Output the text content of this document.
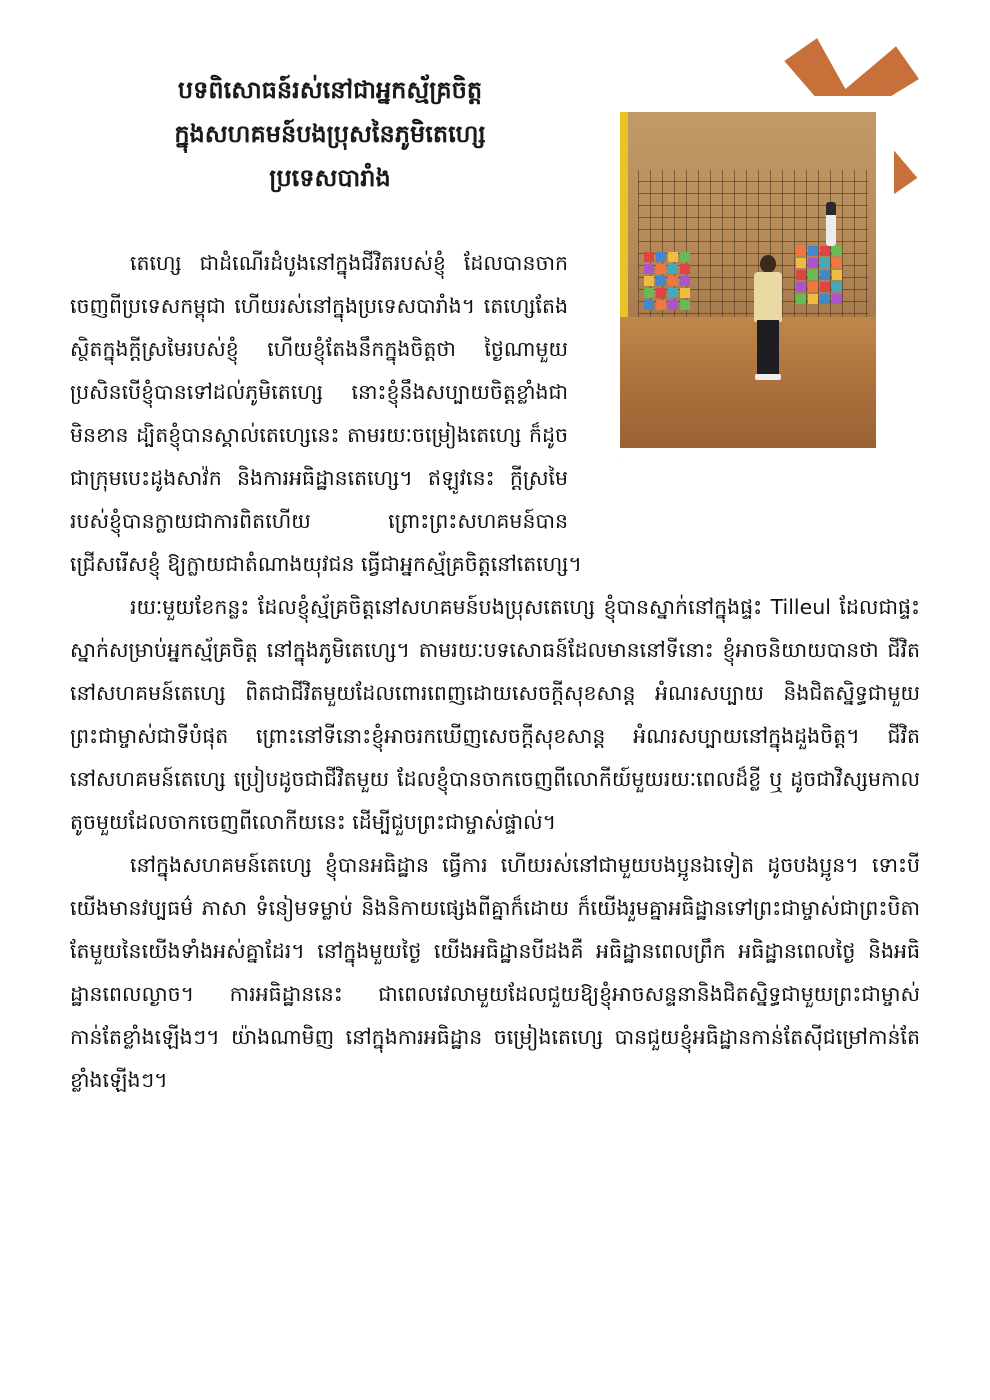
បទពិសោធន៍រស់នៅជាអ្នកស្ម័គ្រចិត្ត
ក្នុងសហគមន៍បងប្រុសនៃភូមិតេហ្សេ
ប្រទេសបារាំង

តេហ្សេ ជាដំណើរដំបូងនៅក្នុងជីវិតរបស់ខ្ញុំ ដែលបានចាកចេញពីប្រទេសកម្ពុជា ហើយរស់នៅក្នុងប្រទេសបារាំង។ តេហ្សេតែងស្ថិតក្នុងក្តីស្រមៃរបស់ខ្ញុំ ហើយខ្ញុំតែងនឹកក្នុងចិត្តថា ថ្ងៃណាមួយប្រសិនបើខ្ញុំបានទៅដល់ភូមិតេហ្សេ នោះខ្ញុំនឹងសប្បាយចិត្តខ្លាំងជាមិនខាន ដ្បិតខ្ញុំបានស្គាល់តេហ្សេនេះ តាមរយៈចម្រៀងតេហ្សេ ក៏ដូចជាក្រុមបេះដូងសាវ៉ក និងការអធិដ្ឋានតេហ្សេ។ ឥឡូវនេះ ក្តីស្រមៃរបស់ខ្ញុំបានក្លាយជាការពិតហើយ ព្រោះព្រះសហគមន៍បានជ្រើសរើសខ្ញុំ ឱ្យក្លាយជាតំណាងយុវជន ធ្វើជាអ្នកស្ម័គ្រចិត្តនៅតេហ្សេ។

រយៈមួយខែកន្លះ ដែលខ្ញុំស្ម័គ្រចិត្តនៅសហគមន៍បងប្រុសតេហ្សេ ខ្ញុំបានស្នាក់នៅក្នុងផ្ទះ Tilleul ដែលជាផ្ទះស្នាក់សម្រាប់អ្នកស្ម័គ្រចិត្ត នៅក្នុងភូមិតេហ្សេ។ តាមរយៈបទសោធន៍ដែលមាននៅទីនោះ ខ្ញុំអាចនិយាយបានថា ជីវិតនៅសហគមន៍តេហ្សេ ពិតជាជីវិតមួយដែលពោរពេញដោយសេចក្តីសុខសាន្ត អំណរសប្បាយ និងជិតស្និទ្ធជាមួយព្រះជាម្ចាស់ជាទីបំផុត ព្រោះនៅទីនោះខ្ញុំអាចរកឃើញសេចក្តីសុខសាន្ត អំណរសប្បាយនៅក្នុងដួងចិត្ត។ ជីវិតនៅសហគមន៍តេហ្សេ ប្រៀបដូចជាជីវិតមួយ ដែលខ្ញុំបានចាកចេញពីលោកីយ៍មួយរយៈពេលដ៏ខ្លី ឬ ដូចជាវិស្សមកាលតូចមួយដែលចាកចេញពីលោកីយនេះ ដើម្បីជួបព្រះជាម្ចាស់ផ្ទាល់។

នៅក្នុងសហគមន៍តេហ្សេ ខ្ញុំបានអធិដ្ឋាន ធ្វើការ ហើយរស់នៅជាមួយបងប្អូនឯទៀត ដូចបងប្អូន។ ទោះបីយើងមានវប្បធម៌ ភាសា ទំនៀមទម្លាប់ និងនិកាយផ្សេងពីគ្នាក៏ដោយ ក៏យើងរួមគ្នាអធិដ្ឋានទៅព្រះជាម្ចាស់ជាព្រះបិតាតែមួយនៃយើងទាំងអស់គ្នាដែរ។ នៅក្នុងមួយថ្ងៃ យើងអធិដ្ឋានបីដងគឺ អធិដ្ឋានពេលព្រឹក អធិដ្ឋានពេលថ្ងៃ និងអធិដ្ឋានពេលល្ងាច។ ការអធិដ្ឋាននេះ ជាពេលវេលាមួយដែលជួយឱ្យខ្ញុំអាចសន្ទនានិងជិតស្និទ្ធជាមួយព្រះជាម្ចាស់ កាន់តែខ្លាំងឡើងៗ។ យ៉ាងណាមិញ នៅក្នុងការអធិដ្ឋាន ចម្រៀងតេហ្សេ បានជួយខ្ញុំអធិដ្ឋានកាន់តែស៊ីជម្រៅកាន់តែខ្លាំងឡើងៗ។
